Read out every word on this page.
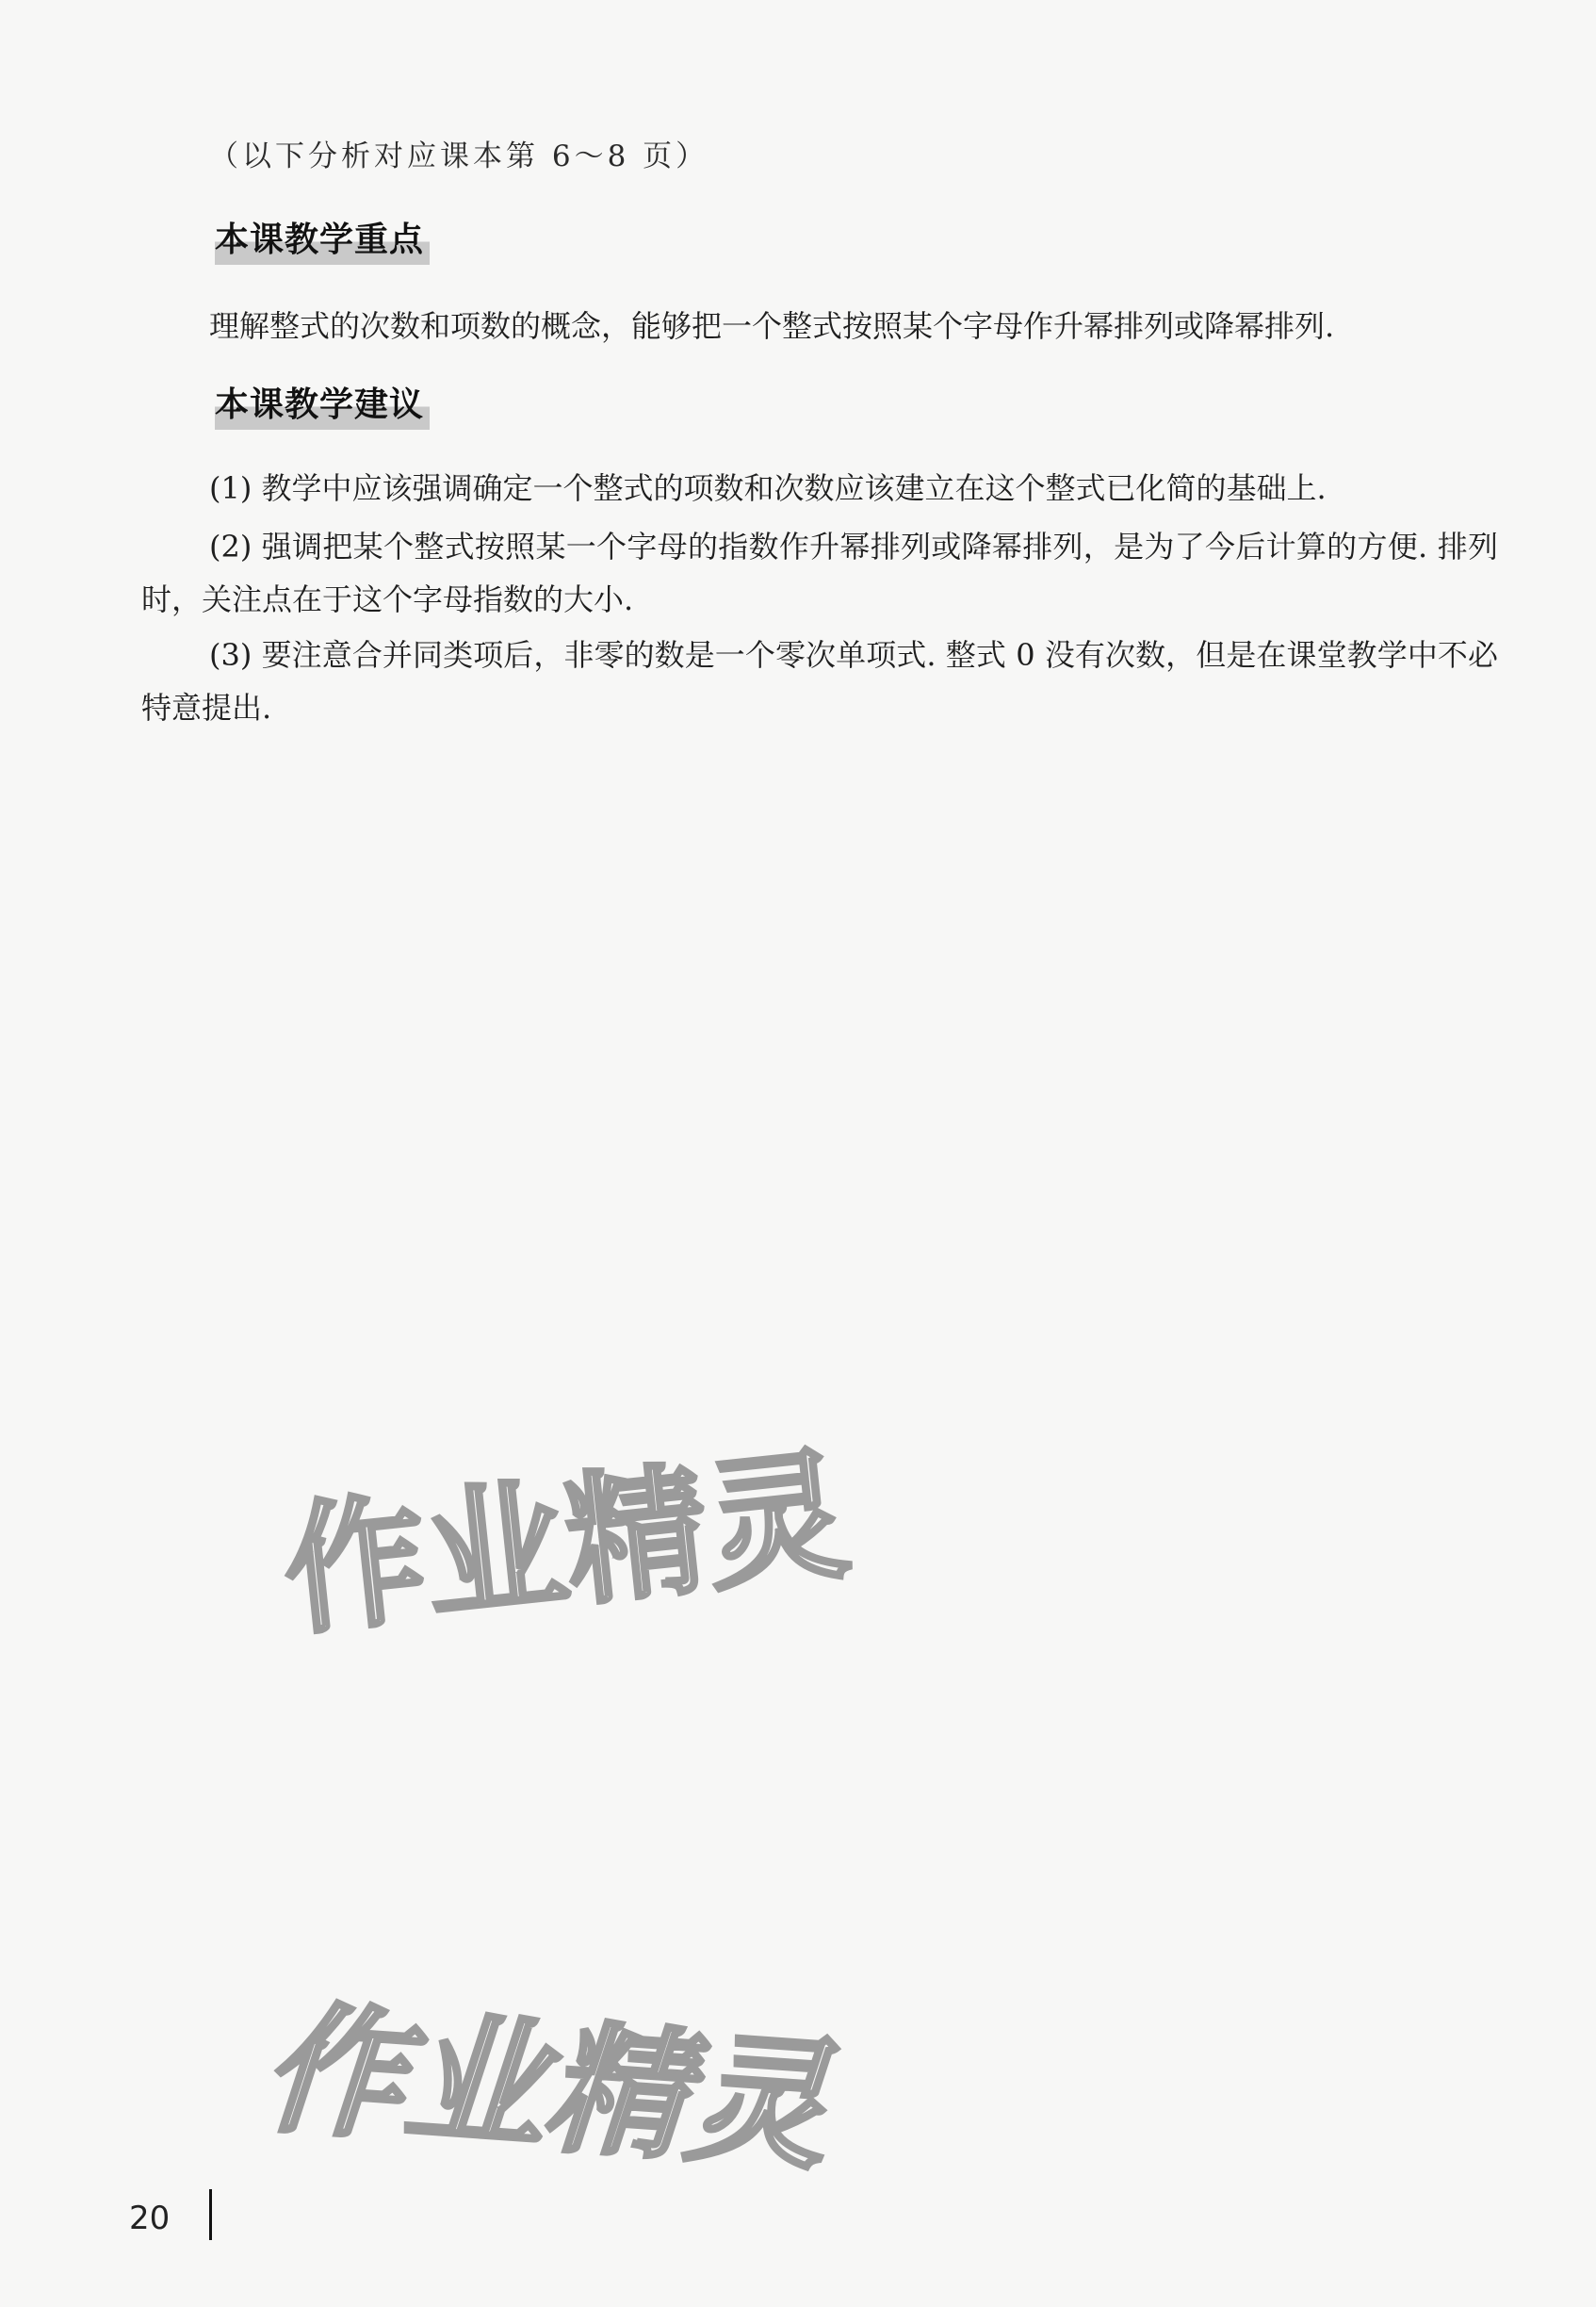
（以下分析对应课本第 6～8 页）
本课教学重点

理解整式的次数和项数的概念，能够把一个整式按照某个字母作升幂排列或降幂排列.

本课教学建议

(1) 教学中应该强调确定一个整式的项数和次数应该建立在这个整式已化简的基础上.

(2) 强调把某个整式按照某一个字母的指数作升幂排列或降幂排列，是为了今后计算的方便. 排列时，关注点在于这个字母指数的大小.

(3) 要注意合并同类项后，非零的数是一个零次单项式. 整式 0 没有次数，但是在课堂教学中不必特意提出.

作业精灵
作业精灵
20
